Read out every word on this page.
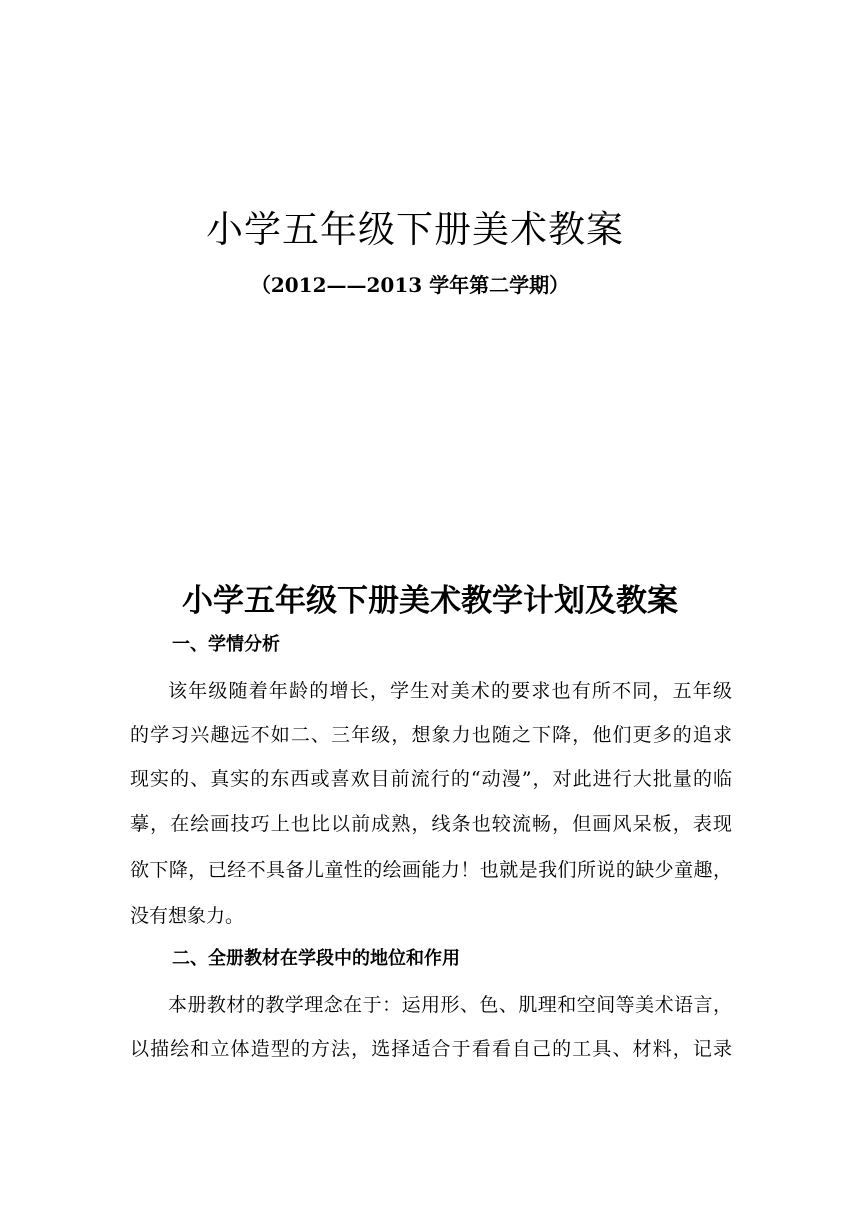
小学五年级下册美术教案
（2012——2013 学年第二学期）
小学五年级下册美术教学计划及教案
一、学情分析
该年级随着年龄的增长，学生对美术的要求也有所不同，五年级
的学习兴趣远不如二、三年级，想象力也随之下降，他们更多的追求
现实的、真实的东西或喜欢目前流行的“动漫”，对此进行大批量的临
摹，在绘画技巧上也比以前成熟，线条也较流畅，但画风呆板，表现
欲下降，已经不具备儿童性的绘画能力！也就是我们所说的缺少童趣，
没有想象力。
二、全册教材在学段中的地位和作用
本册教材的教学理念在于：运用形、色、肌理和空间等美术语言，
以描绘和立体造型的方法，选择适合于看看自己的工具、材料，记录
